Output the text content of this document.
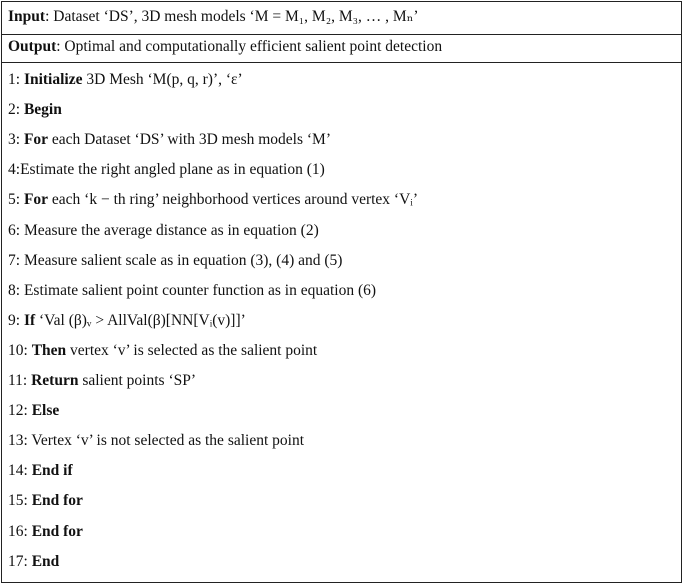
Input: Dataset ‘DS’, 3D mesh models ‘M = M₁, M₂, M₃, … , Mₙ’
Output: Optimal and computationally efficient salient point detection
1: Initialize 3D Mesh ‘M(p, q, r)’, ‘ε’
2: Begin
3: For each Dataset ‘DS’ with 3D mesh models ‘M’
4:Estimate the right angled plane as in equation (1)
5: For each ‘k − th ring’ neighborhood vertices around vertex ‘Vᵢ’
6: Measure the average distance as in equation (2)
7: Measure salient scale as in equation (3), (4) and (5)
8: Estimate salient point counter function as in equation (6)
9: If ‘Val (β)ᵥ > AllVal(β)[NN[Vᵢ(v)]]’
10: Then vertex ‘v’ is selected as the salient point
11: Return salient points ‘SP’
12: Else
13: Vertex ‘v’ is not selected as the salient point
14: End if
15: End for
16: End for
17: End
